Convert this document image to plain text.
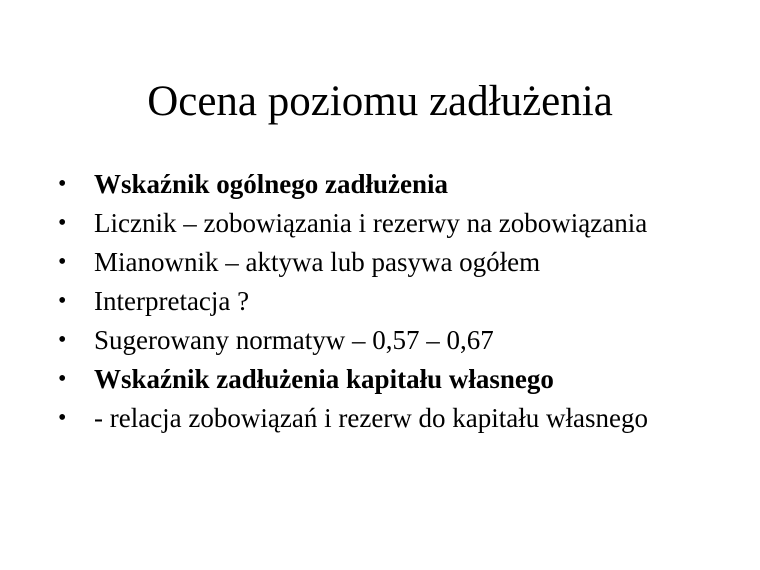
Ocena poziomu zadłużenia
• Wskaźnik ogólnego zadłużenia
• Licznik – zobowiązania i rezerwy na zobowiązania
• Mianownik – aktywa lub pasywa ogółem
• Interpretacja ?
• Sugerowany normatyw – 0,57 – 0,67
• Wskaźnik zadłużenia kapitału własnego
• - relacja zobowiązań i rezerw do kapitału własnego
